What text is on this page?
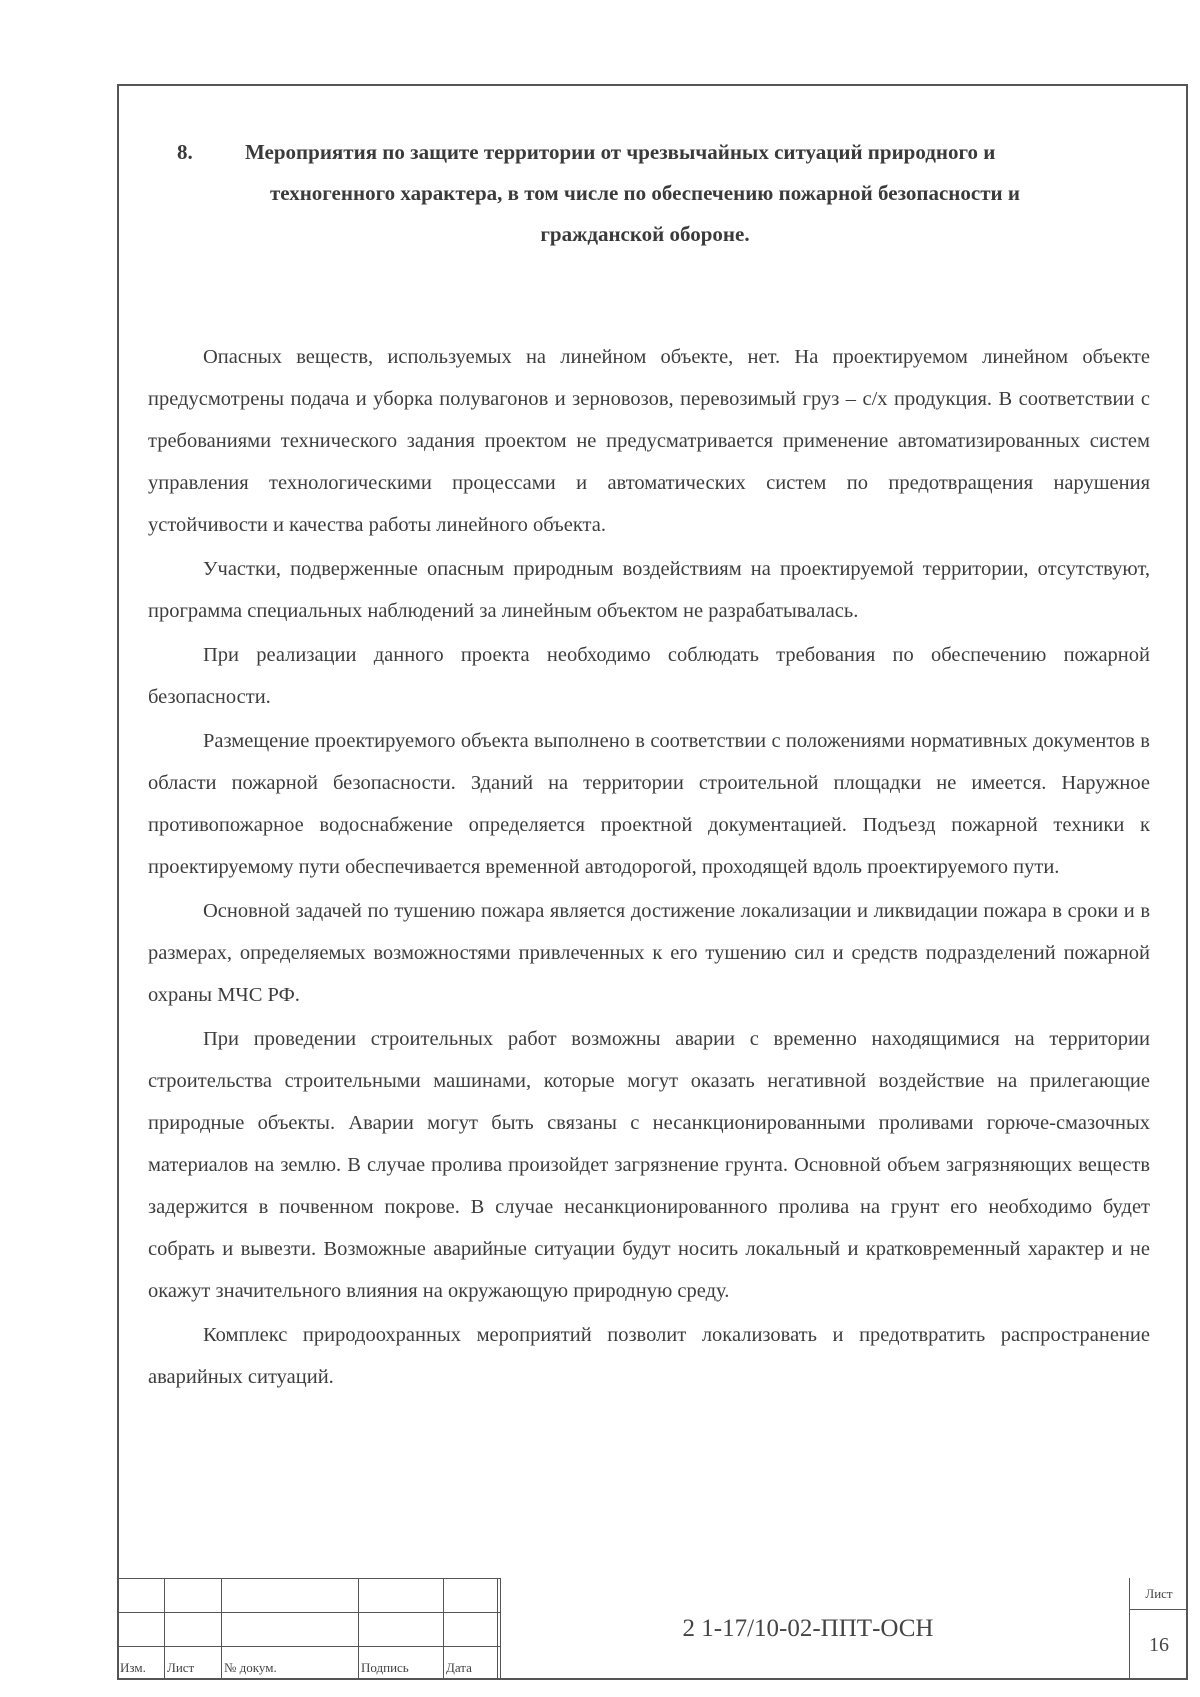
8.	Мероприятия по защите территории от чрезвычайных ситуаций природного и
техногенного характера, в том числе по обеспечению пожарной безопасности и
гражданской обороне.

Опасных веществ, используемых на линейном объекте, нет. На проектируемом линейном объекте предусмотрены подача и уборка полувагонов и зерновозов, перевозимый груз – с/х продукция. В соответствии с требованиями технического задания проектом не предусматривается применение автоматизированных систем управления технологическими процессами и автоматических систем по предотвращения нарушения устойчивости и качества работы линейного объекта.

Участки, подверженные опасным природным воздействиям на проектируемой территории, отсутствуют, программа специальных наблюдений за линейным объектом не разрабатывалась.

При реализации данного проекта необходимо соблюдать требования по обеспечению пожарной безопасности.

Размещение проектируемого объекта выполнено в соответствии с положениями нормативных документов в области пожарной безопасности. Зданий на территории строительной площадки не имеется. Наружное противопожарное водоснабжение определяется проектной документацией. Подъезд пожарной техники к проектируемому пути обеспечивается временной автодорогой, проходящей вдоль проектируемого пути.

Основной задачей по тушению пожара является достижение локализации и ликвидации пожара в сроки и в размерах, определяемых возможностями привлеченных к его тушению сил и средств подразделений пожарной охраны МЧС РФ.

При проведении строительных работ возможны аварии с временно находящимися на территории строительства строительными машинами, которые могут оказать негативной воздействие на прилегающие природные объекты. Аварии могут быть связаны с несанкционированными проливами горюче-смазочных материалов на землю. В случае пролива произойдет загрязнение грунта. Основной объем загрязняющих веществ задержится в почвенном покрове. В случае несанкционированного пролива на грунт его необходимо будет собрать и вывезти. Возможные аварийные ситуации будут носить локальный и кратковременный характер и не окажут значительного влияния на окружающую природную среду.

Комплекс природоохранных мероприятий позволит локализовать и предотвратить распространение аварийных ситуаций.

Изм.	Лист	№ докум.	Подпись	Дата
2 1-17/10-02-ППТ-ОСН
Лист
16
